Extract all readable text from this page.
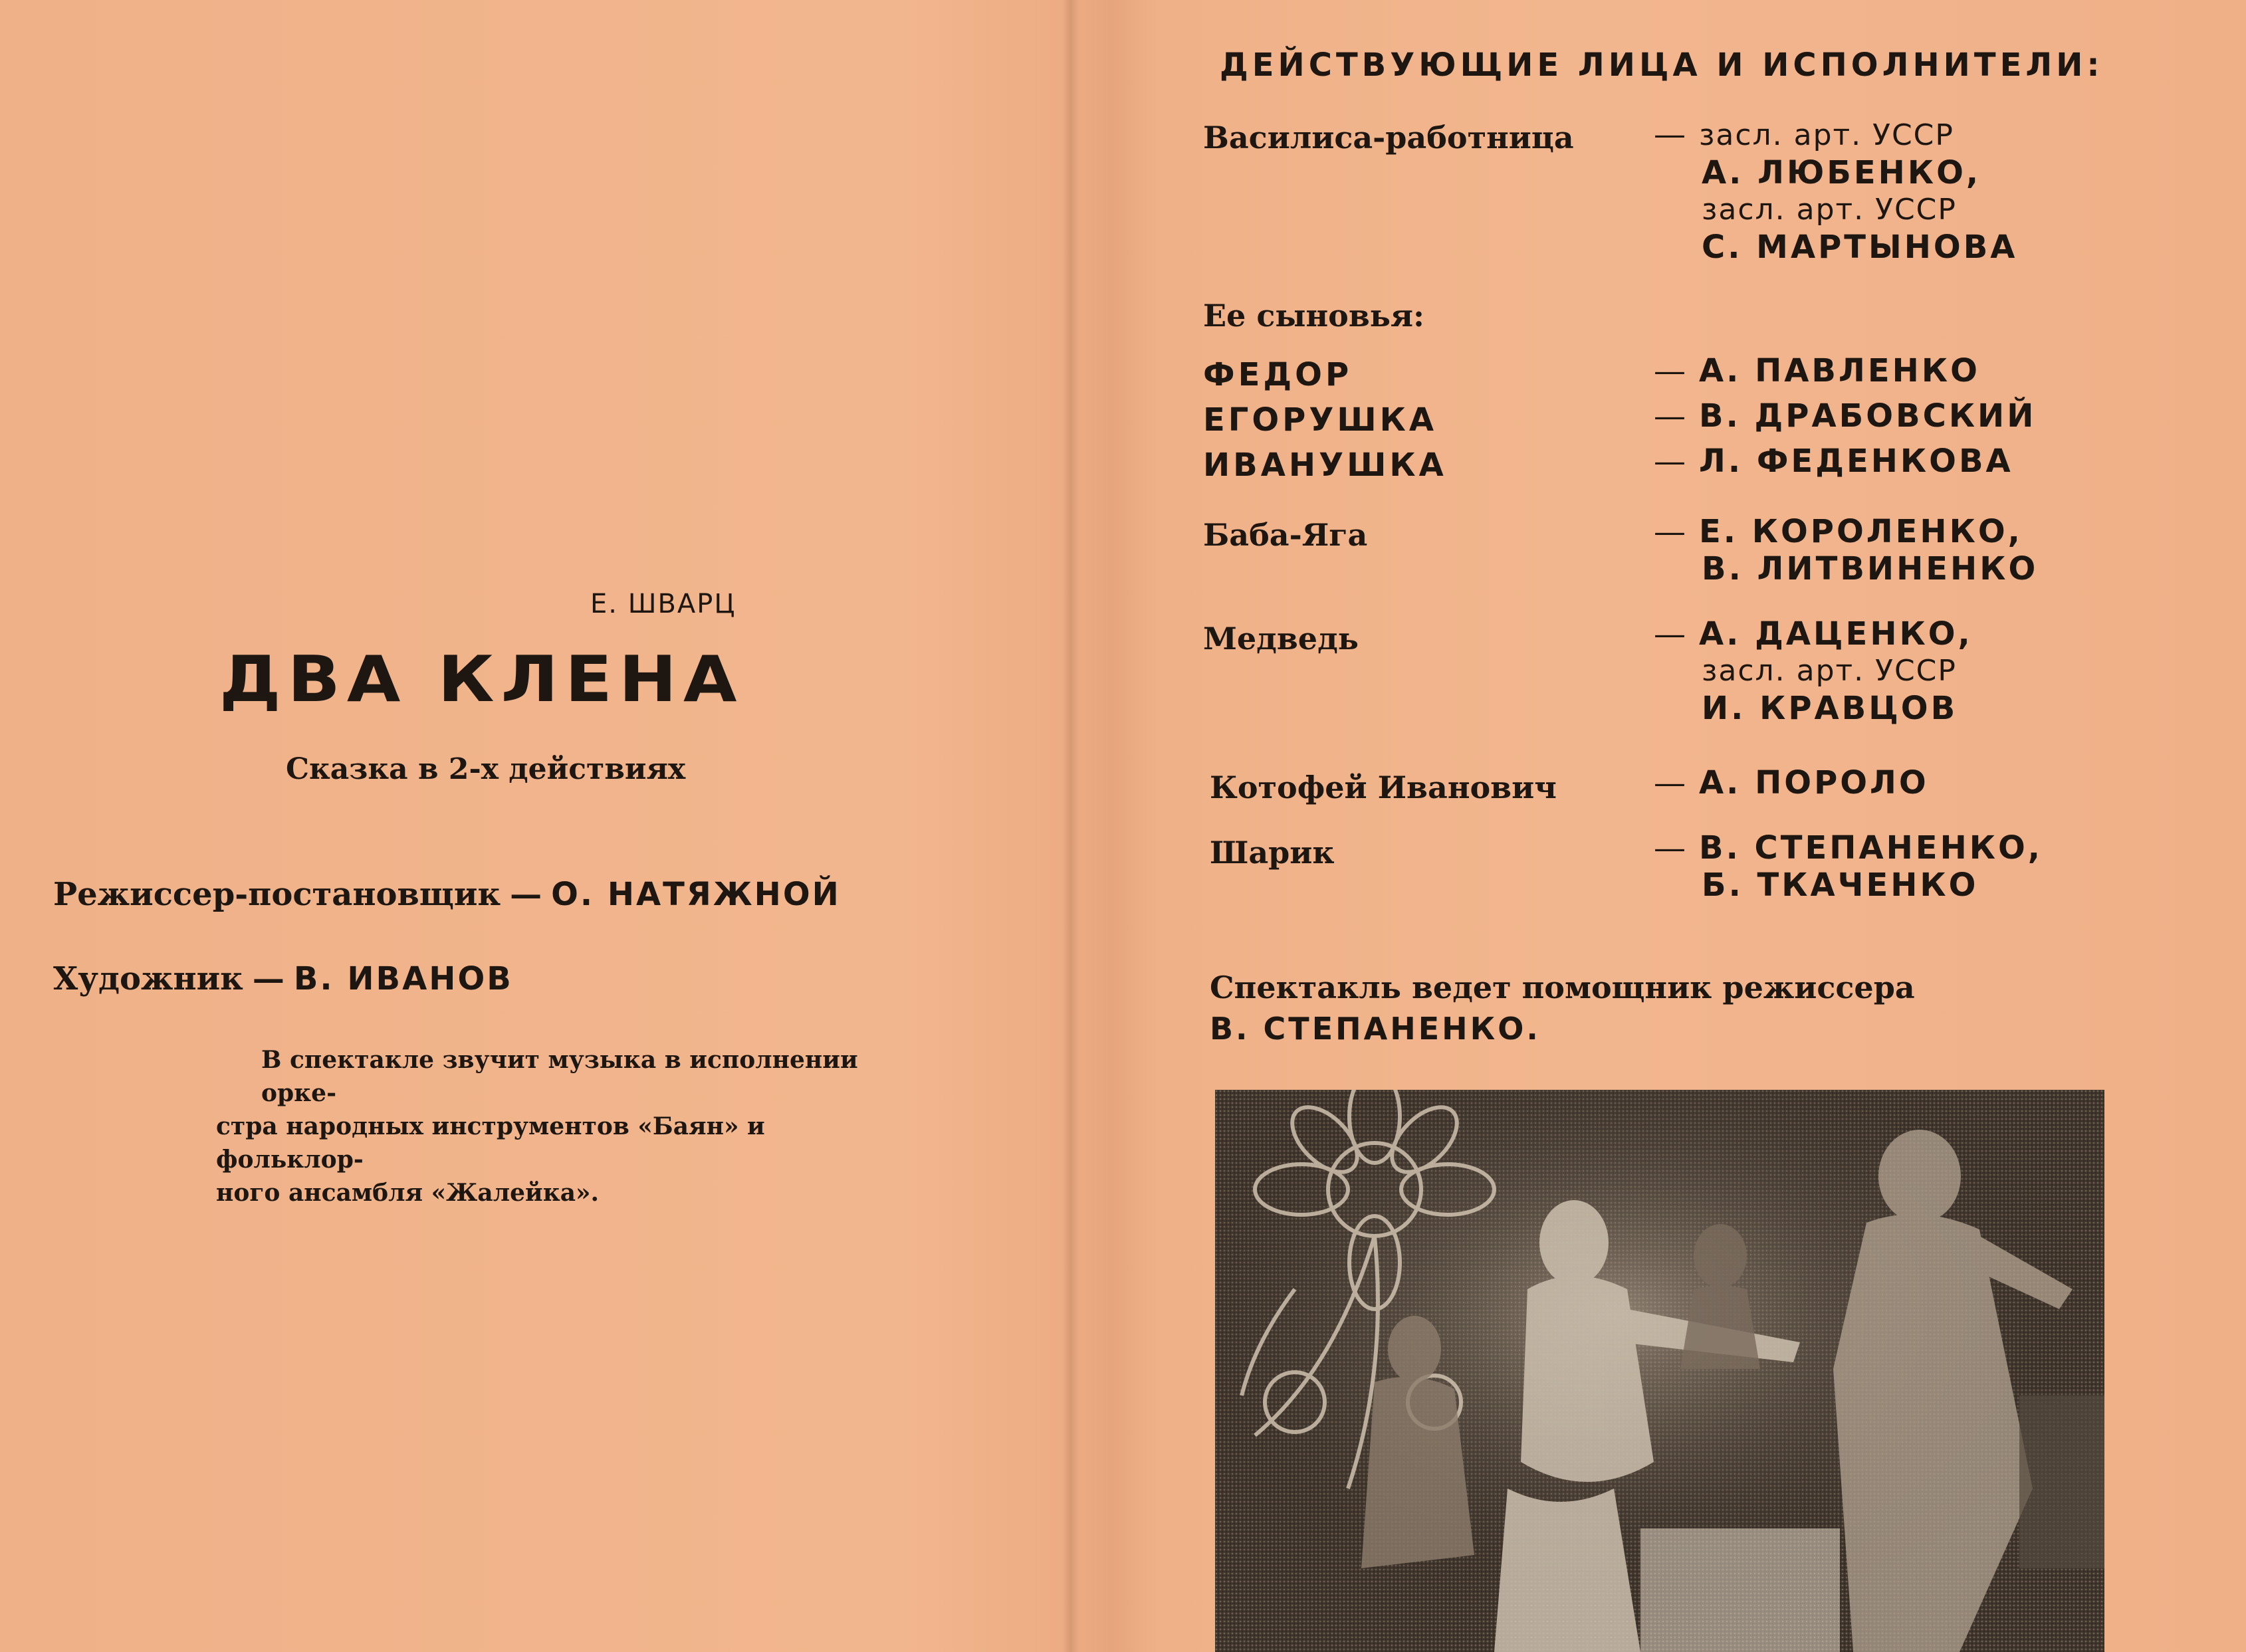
Е. ШВАРЦ
ДВА КЛЕНА
Сказка в 2-х действиях
Режиссер-постановщик — О. НАТЯЖНОЙ
Художник — В. ИВАНОВ
В спектакле звучит музыка в исполнении орке-
стра народных инструментов «Баян» и фольклор-
ного ансамбля «Жалейка».
ДЕЙСТВУЮЩИЕ ЛИЦА И ИСПОЛНИТЕЛИ:
Василиса-работница	— засл. арт. УССР
А. ЛЮБЕНКО,
засл. арт. УССР
С. МАРТЫНОВА
Ее сыновья:
ФЕДОР	— А. ПАВЛЕНКО
ЕГОРУШКА	— В. ДРАБОВСКИЙ
ИВАНУШКА	— Л. ФЕДЕНКОВА
Баба-Яга	— Е. КОРОЛЕНКО,
В. ЛИТВИНЕНКО
Медведь	— А. ДАЦЕНКО,
засл. арт. УССР
И. КРАВЦОВ
Котофей Иванович	— А. ПОРОЛО
Шарик	— В. СТЕПАНЕНКО,
Б. ТКАЧЕНКО
Спектакль ведет помощник режиссера
В. СТЕПАНЕНКО.
